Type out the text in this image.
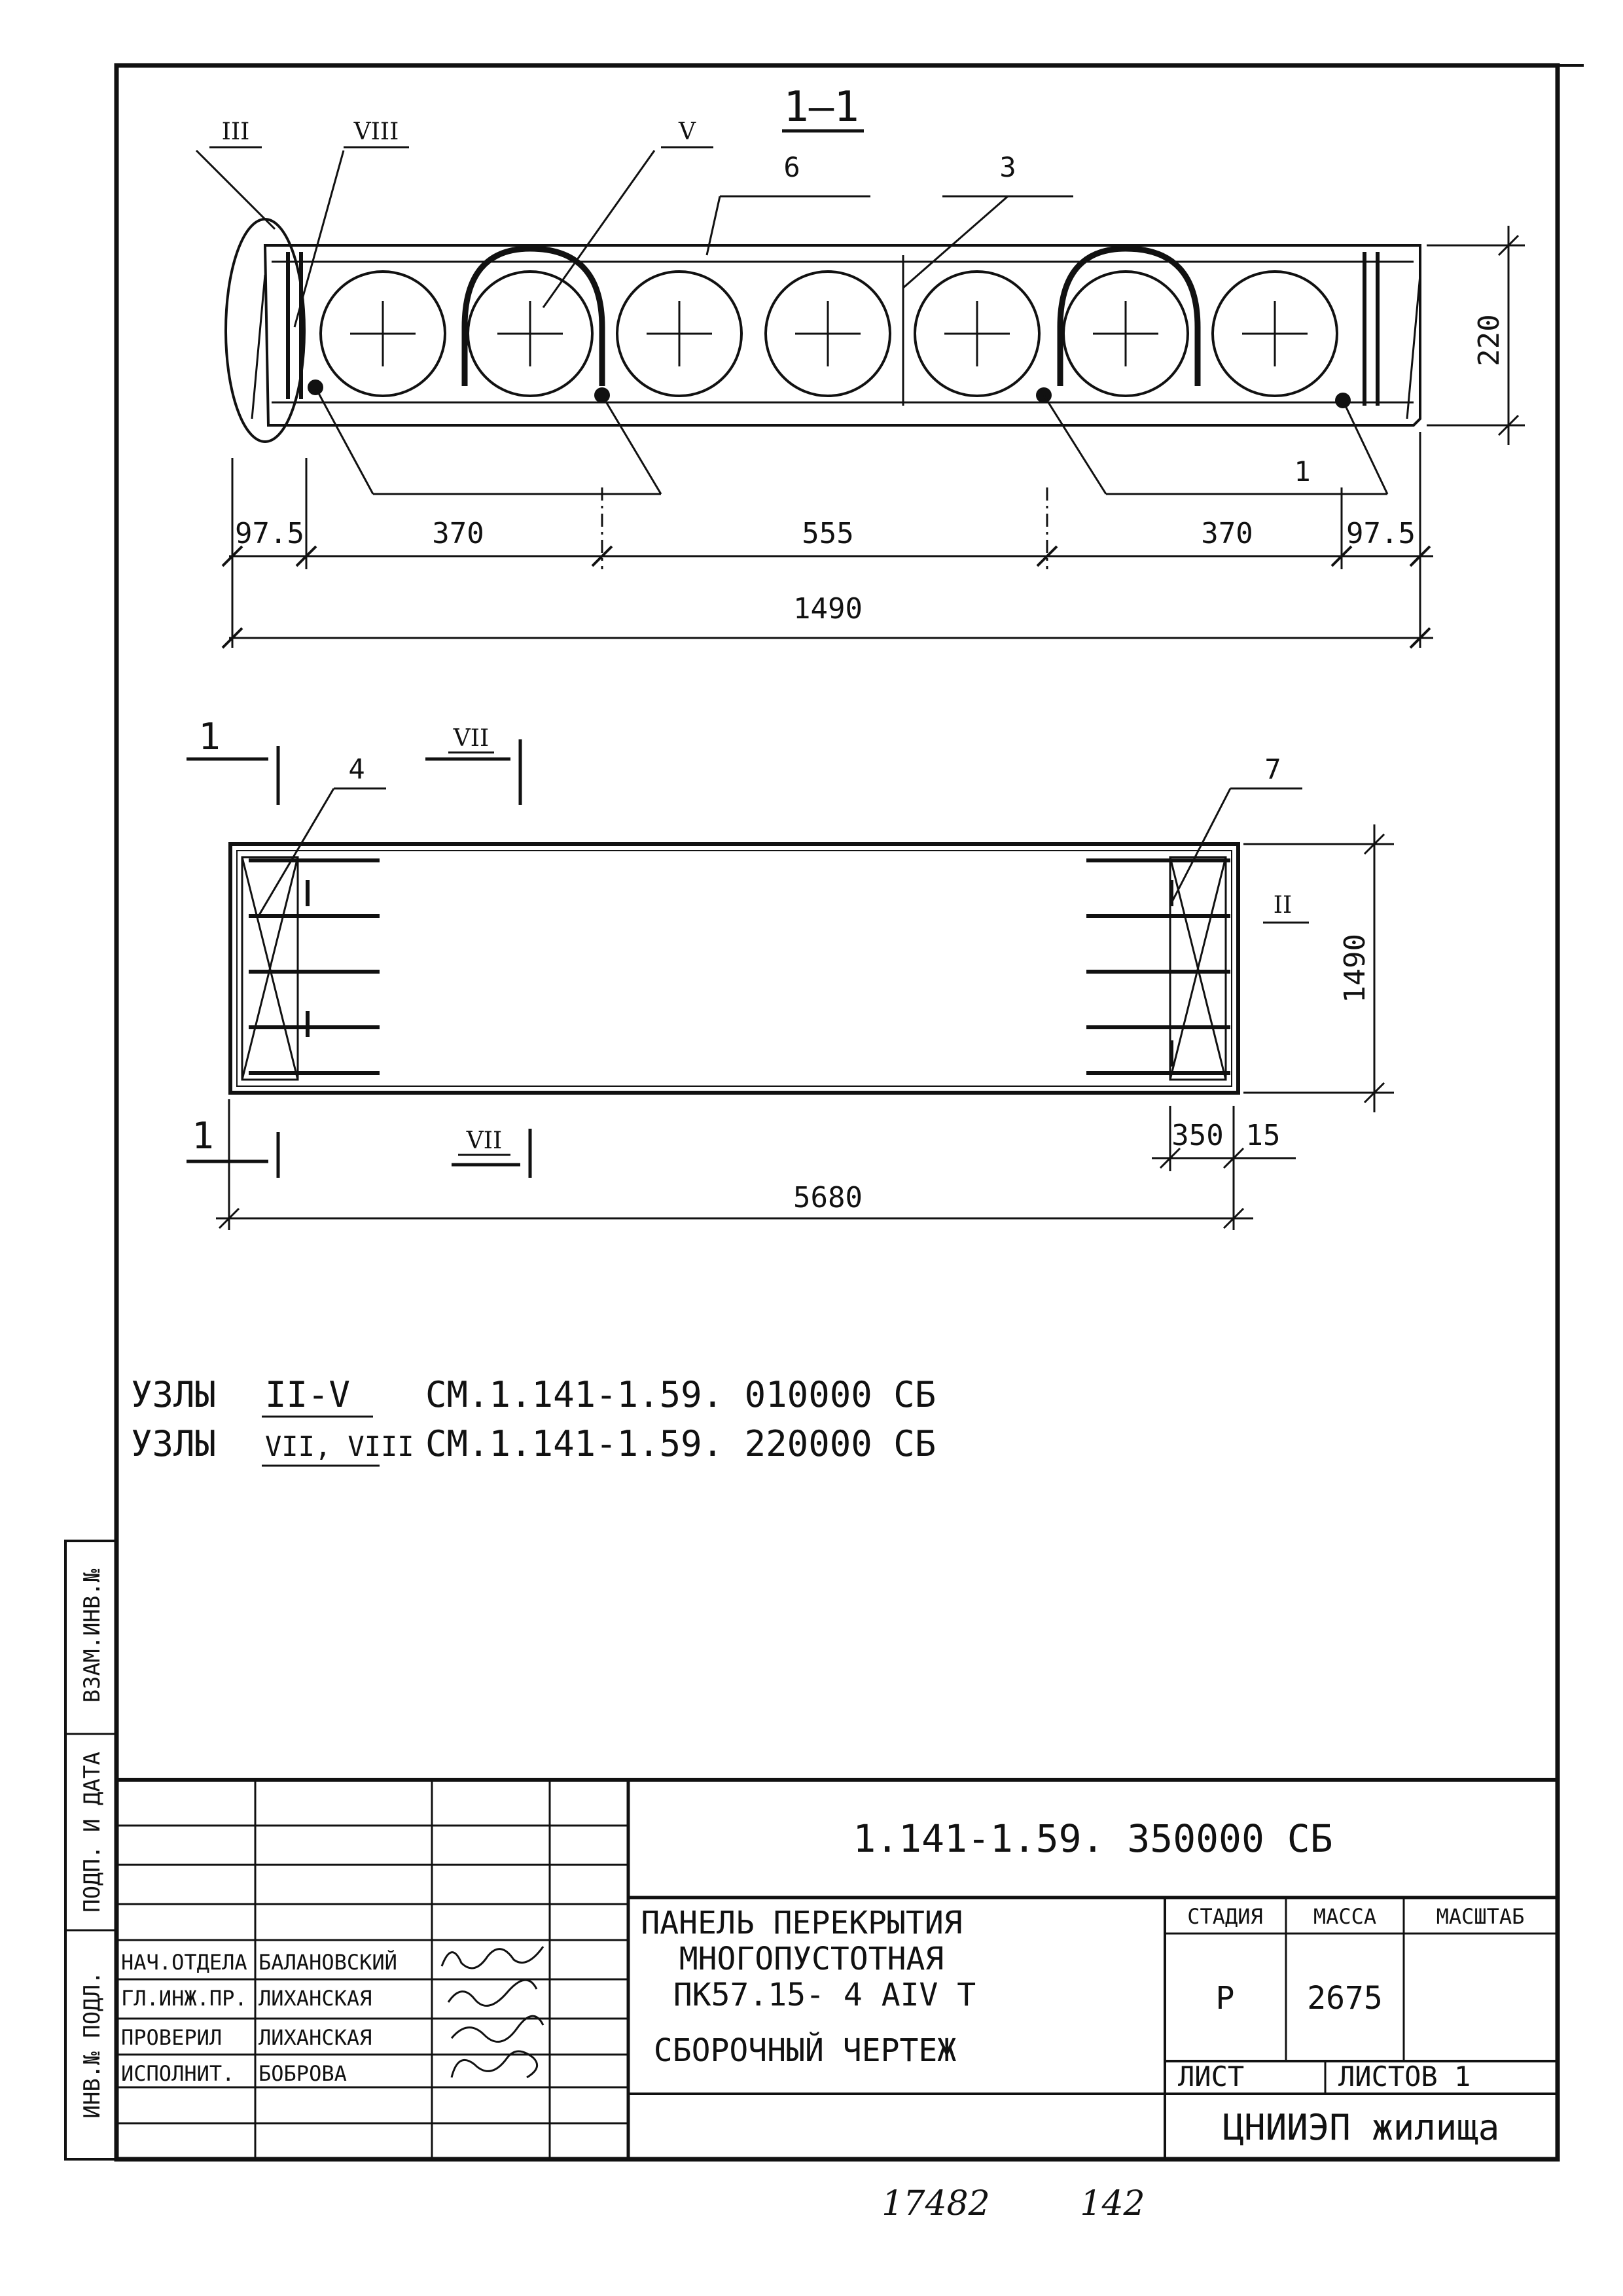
1—1
III	VIII	V
6	3
1
220
97.5	370	555	370	97.5
1490
1
1
VII
VII
4	7
II
1490
350 15
5680
УЗЛЫ II-V СМ.1.141-1.59. 010000 СБ
УЗЛЫ VII, VIII СМ.1.141-1.59. 220000 СБ
ИНВ.№ ПОДЛ.
ПОДП. И ДАТА
ВЗАМ.ИНВ.№
1.141-1.59. 350000 СБ
ПАНЕЛЬ ПЕРЕКРЫТИЯ
МНОГОПУСТОТНАЯ
ПК57.15- 4 АIV Т
СБОРОЧНЫЙ ЧЕРТЕЖ
СТАДИЯ МАССА	МАСШТАБ
Р 2675
ЛИСТ	ЛИСТОВ 1
ЦНИИЭП жилища
НАЧ.ОТДЕЛА БАЛАНОВСКИЙ
ГЛ.ИНЖ.ПР. ЛИХАНСКАЯ
ПРОВЕРИЛ ЛИХАНСКАЯ
ИСПОЛНИТ. БОБРОВА
17482	142
